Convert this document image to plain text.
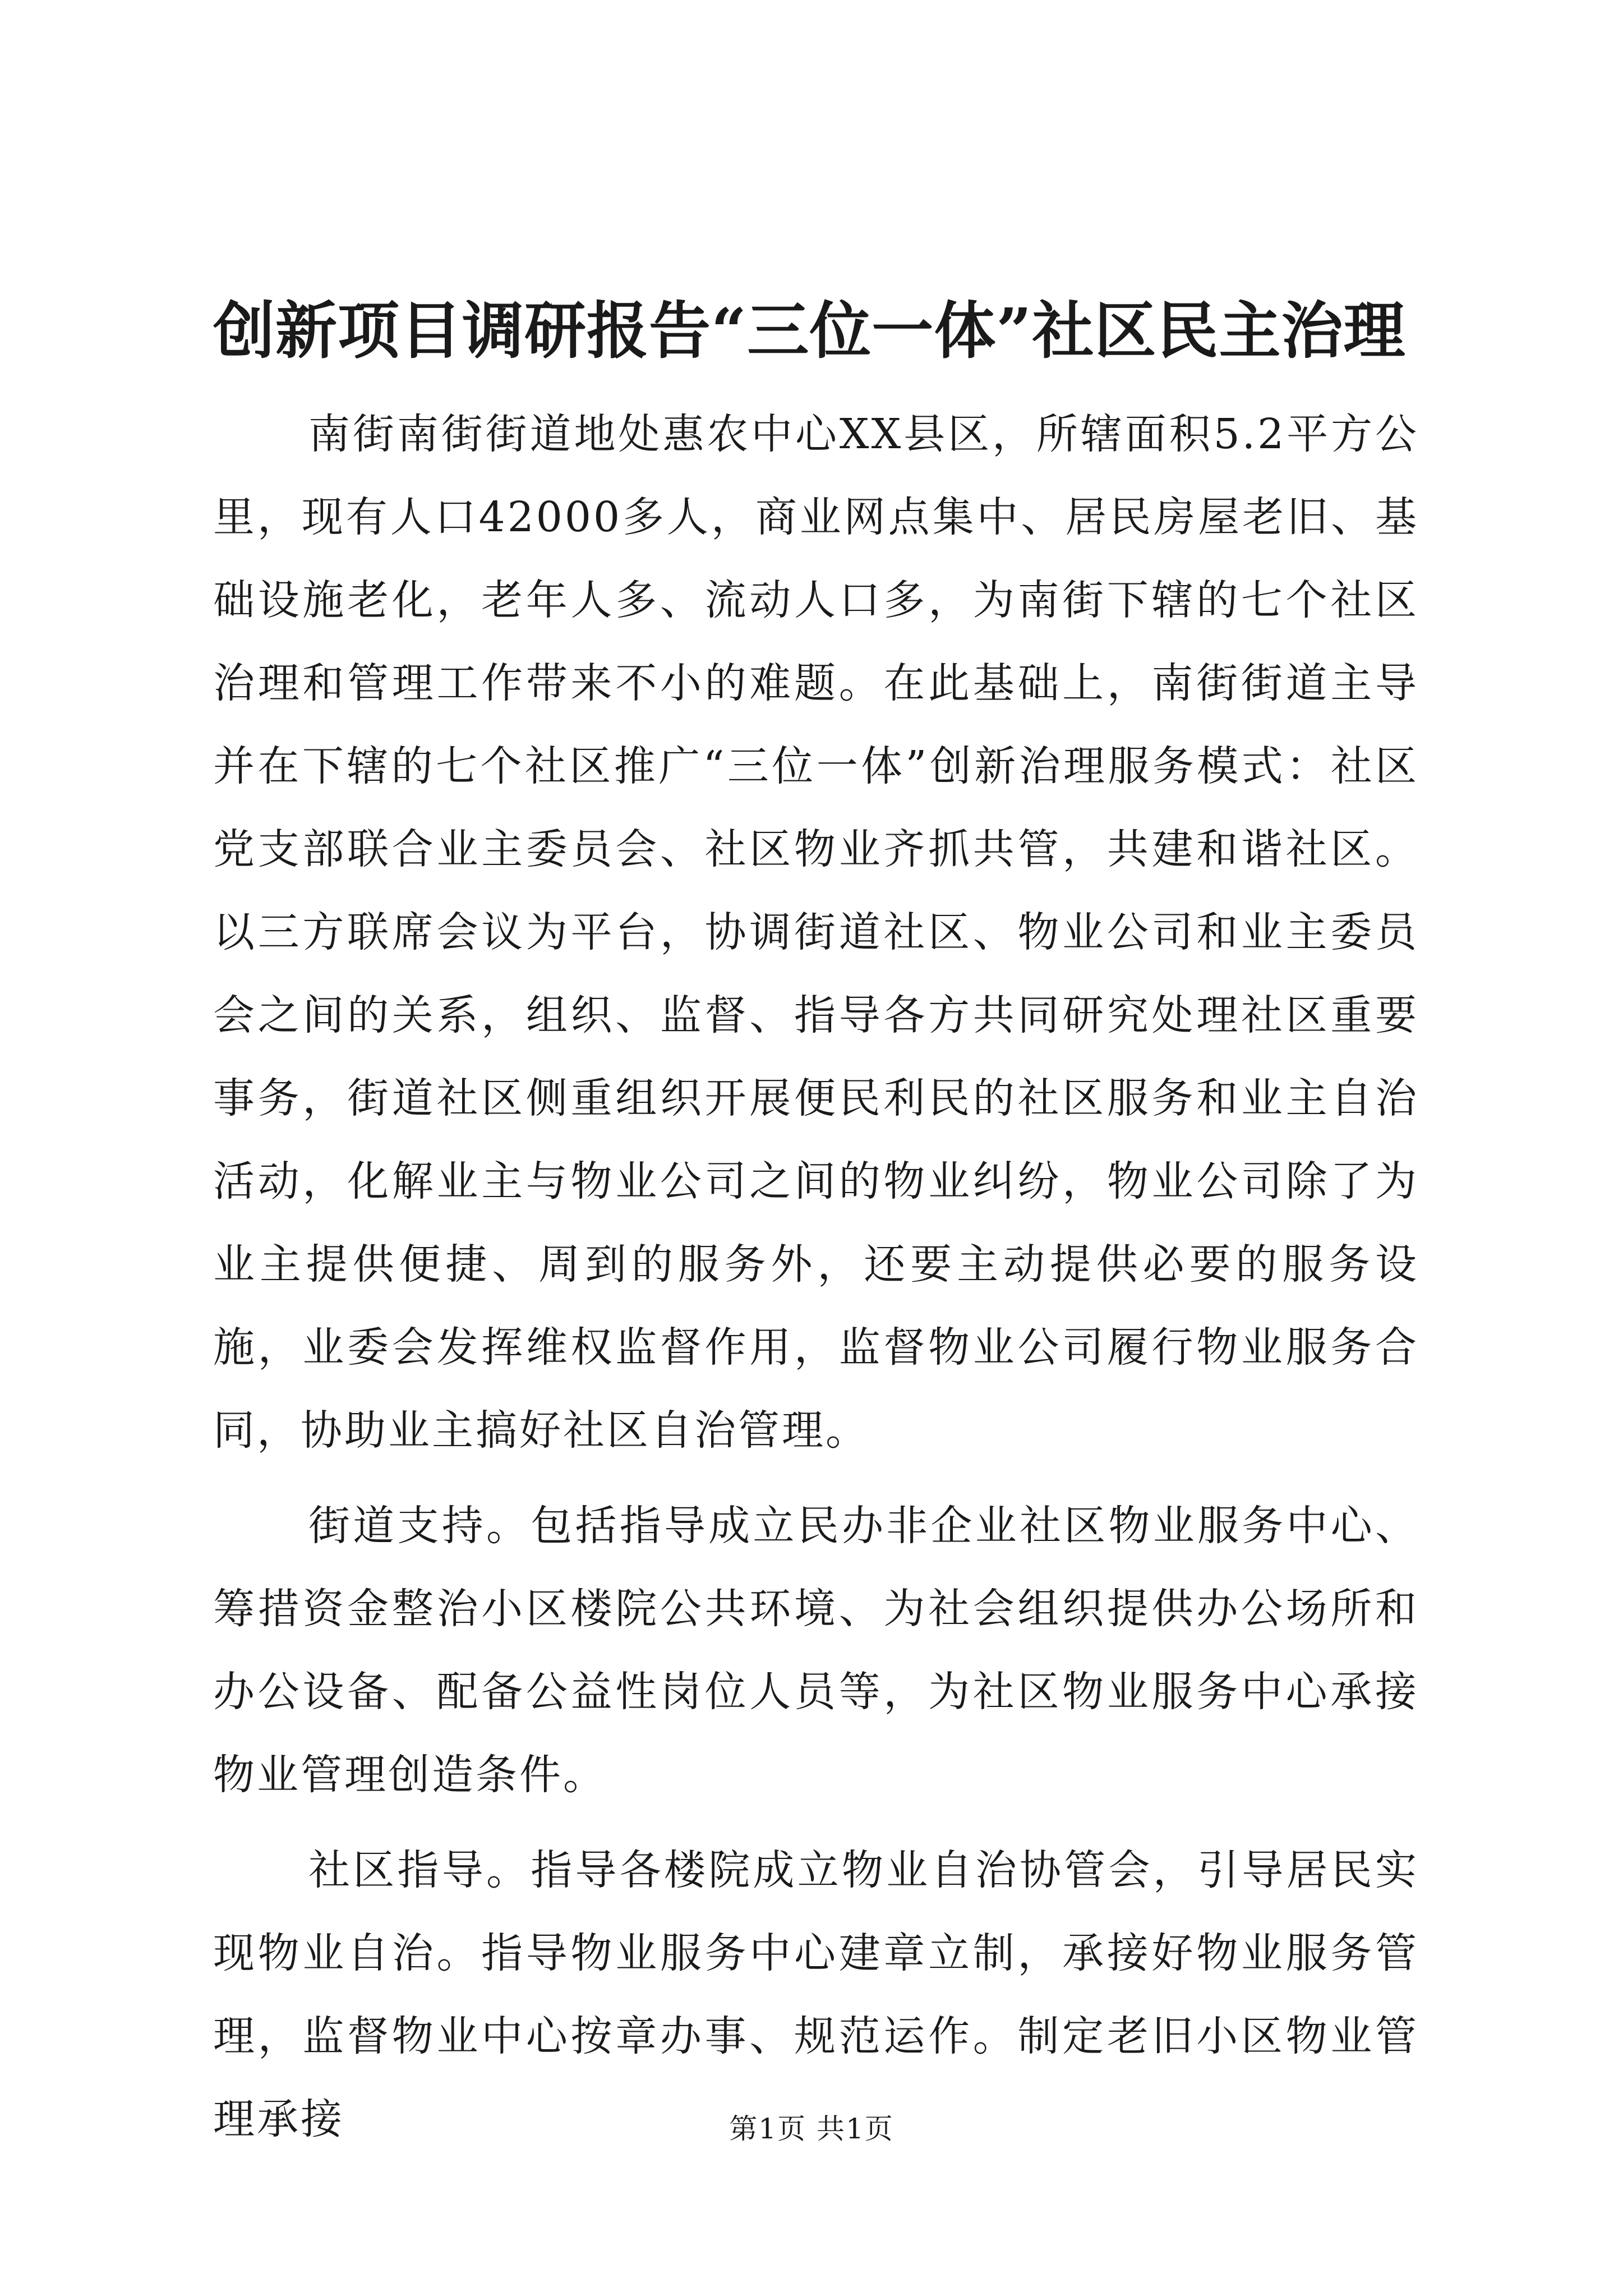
创新项目调研报告“三位一体”社区民主治理

南街南街街道地处惠农中心XX县区，所辖面积5.2平方公里，现有人口42000多人，商业网点集中、居民房屋老旧、基础设施老化，老年人多、流动人口多，为南街下辖的七个社区治理和管理工作带来不小的难题。在此基础上，南街街道主导并在下辖的七个社区推广“三位一体”创新治理服务模式：社区党支部联合业主委员会、社区物业齐抓共管，共建和谐社区。以三方联席会议为平台，协调街道社区、物业公司和业主委员会之间的关系，组织、监督、指导各方共同研究处理社区重要事务，街道社区侧重组织开展便民利民的社区服务和业主自治活动，化解业主与物业公司之间的物业纠纷，物业公司除了为业主提供便捷、周到的服务外，还要主动提供必要的服务设施，业委会发挥维权监督作用，监督物业公司履行物业服务合同，协助业主搞好社区自治管理。

街道支持。包括指导成立民办非企业社区物业服务中心、筹措资金整治小区楼院公共环境、为社会组织提供办公场所和办公设备、配备公益性岗位人员等，为社区物业服务中心承接物业管理创造条件。

社区指导。指导各楼院成立物业自治协管会，引导居民实现物业自治。指导物业服务中心建章立制，承接好物业服务管理，监督物业中心按章办事、规范运作。制定老旧小区物业管理承接	第1页 共1页
